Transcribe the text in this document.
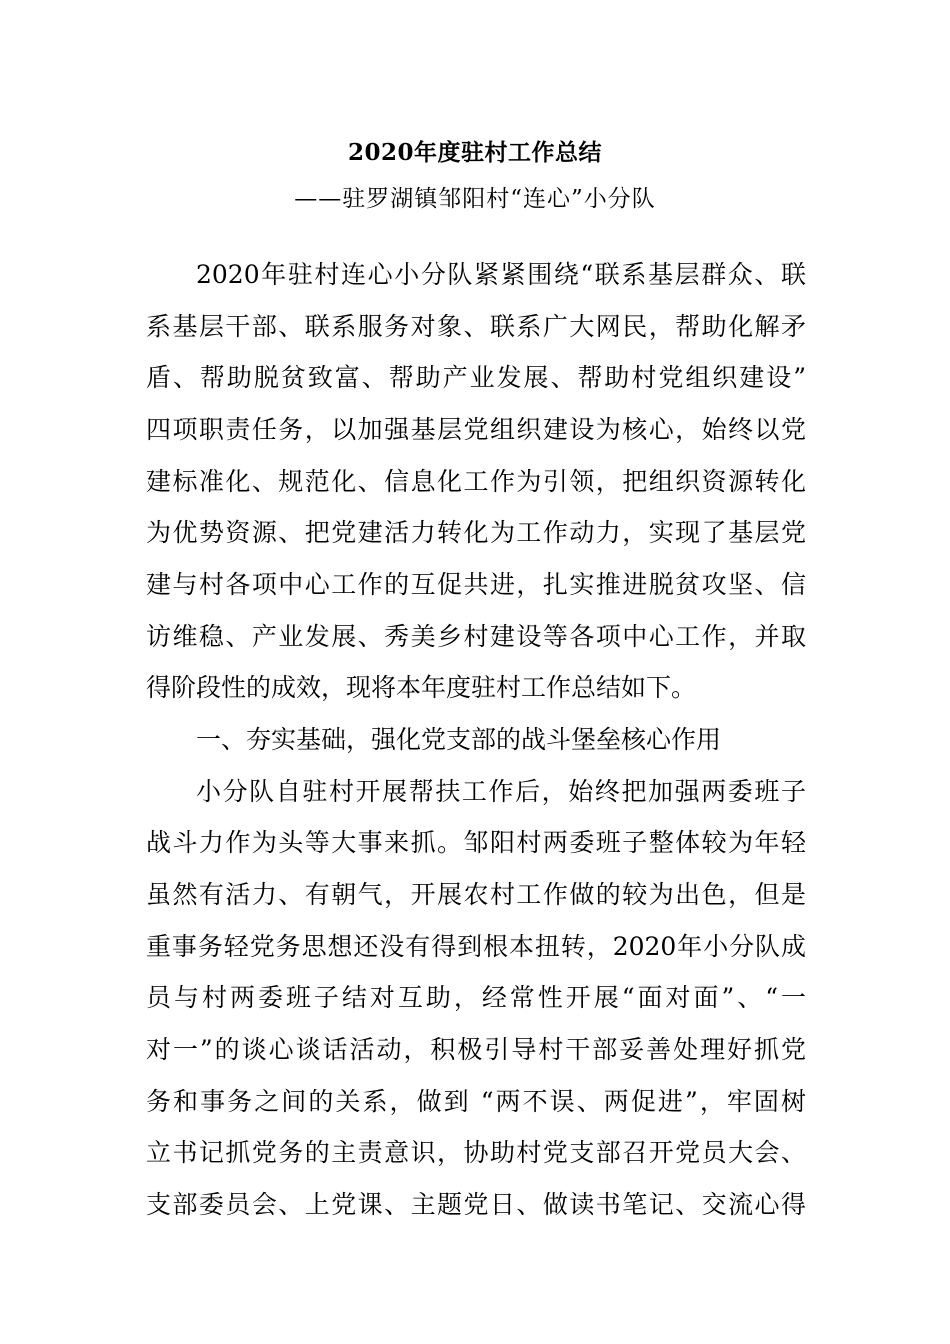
2020年度驻村工作总结
——驻罗湖镇邹阳村“连心”小分队
2020年驻村连心小分队紧紧围绕“联系基层群众、联
系基层干部、联系服务对象、联系广大网民，帮助化解矛
盾、帮助脱贫致富、帮助产业发展、帮助村党组织建设”
四项职责任务，以加强基层党组织建设为核心，始终以党
建标准化、规范化、信息化工作为引领，把组织资源转化
为优势资源、把党建活力转化为工作动力，实现了基层党
建与村各项中心工作的互促共进，扎实推进脱贫攻坚、信
访维稳、产业发展、秀美乡村建设等各项中心工作，并取
得阶段性的成效，现将本年度驻村工作总结如下。
一、夯实基础，强化党支部的战斗堡垒核心作用
小分队自驻村开展帮扶工作后，始终把加强两委班子
战斗力作为头等大事来抓。邹阳村两委班子整体较为年轻
虽然有活力、有朝气，开展农村工作做的较为出色，但是
重事务轻党务思想还没有得到根本扭转，2020年小分队成
员与村两委班子结对互助，经常性开展“面对面”、“一
对一”的谈心谈话活动，积极引导村干部妥善处理好抓党
务和事务之间的关系，做到 “两不误、两促进”，牢固树
立书记抓党务的主责意识，协助村党支部召开党员大会、
支部委员会、上党课、主题党日、做读书笔记、交流心得
